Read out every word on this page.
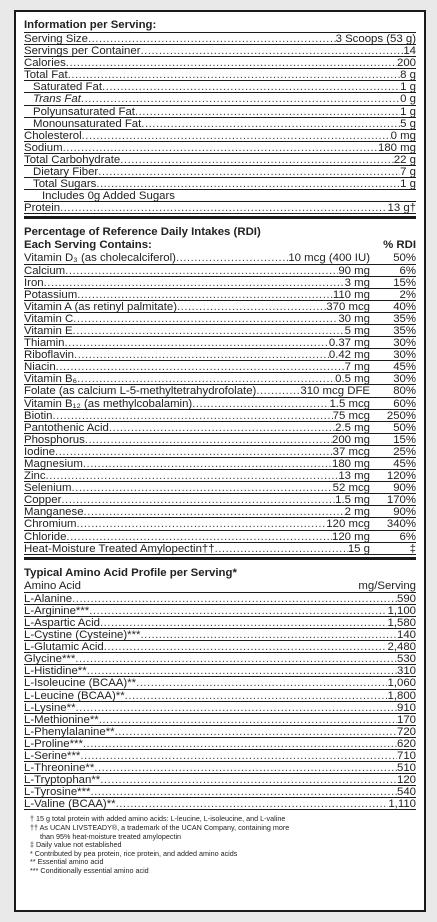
Information per Serving:
Serving Size .....	3 Scoops (53 g)
Servings per Container .....	14
Calories .....	200
Total Fat .....	8 g
Saturated Fat .....	1 g
Trans Fat .....	0 g
Polyunsaturated Fat .....	1 g
Monounsaturated Fat .....	5 g
Cholesterol .....	0 mg
Sodium .....	180 mg
Total Carbohydrate .....	22 g
Dietary Fiber .....	7 g
Total Sugars .....	1 g
Includes 0g Added Sugars
Protein .....	13 g†
Percentage of Reference Daily Intakes (RDI)
Each Serving Contains:	% RDI
Vitamin D₃ (as cholecalciferol) .....	10 mcg (400 IU)	50%
Calcium .....	90 mg	6%
Iron .....	3 mg	15%
Potassium .....	110 mg	2%
Vitamin A (as retinyl palmitate) .....	370 mcg	40%
Vitamin C .....	30 mg	35%
Vitamin E .....	5 mg	35%
Thiamin .....	0.37 mg	30%
Riboflavin .....	0.42 mg	30%
Niacin .....	7 mg	45%
Vitamin B₆ .....	0.5 mg	30%
Folate (as calcium L-5-methyltetrahydrofolate) .....	310 mcg DFE	80%
Vitamin B₁₂ (as methylcobalamin) .....	1.5 mcg	60%
Biotin .....	75 mcg	250%
Pantothenic Acid .....	2.5 mg	50%
Phosphorus .....	200 mg	15%
Iodine .....	37 mcg	25%
Magnesium .....	180 mg	45%
Zinc .....	13 mg	120%
Selenium .....	52 mcg	90%
Copper .....	1.5 mg	170%
Manganese .....	2 mg	90%
Chromium .....	120 mcg	340%
Chloride .....	120 mg	6%
Heat-Moisture Treated Amylopectin†† .....	15 g	‡
Typical Amino Acid Profile per Serving*
Amino Acid	mg/Serving
L-Alanine .....	590
L-Arginine*** .....	1,100
L-Aspartic Acid .....	1,580
L-Cystine (Cysteine)*** .....	140
L-Glutamic Acid .....	2,480
Glycine*** .....	530
L-Histidine** .....	310
L-Isoleucine (BCAA)** .....	1,060
L-Leucine (BCAA)** .....	1,800
L-Lysine** .....	910
L-Methionine** .....	170
L-Phenylalanine** .....	720
L-Proline*** .....	620
L-Serine*** .....	710
L-Threonine** .....	510
L-Tryptophan** .....	120
L-Tyrosine*** .....	540
L-Valine (BCAA)** .....	1,110
† 15 g total protein with added amino acids: L-leucine, L-isoleucine, and L-valine
†† As UCAN LIVSTEADY®, a trademark of the UCAN Company, containing more
than 95% heat-moisture treated amylopectin
‡ Daily value not established
* Contributed by pea protein, rice protein, and added amino acids
** Essential amino acid
*** Conditionally essential amino acid
